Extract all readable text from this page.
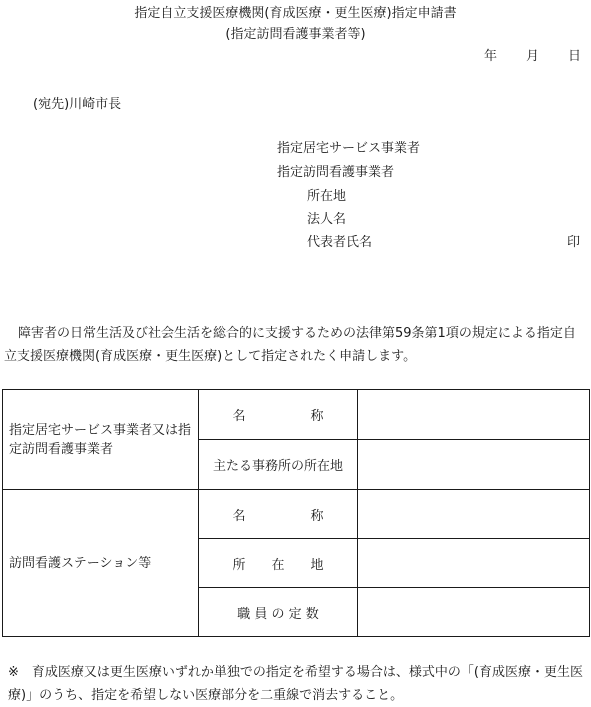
指定自立支援医療機関(育成医療・更生医療)指定申請書
(指定訪問看護事業者等)
年 月 日
(宛先)川崎市長
指定居宅サービス事業者
指定訪問看護事業者
所在地
法人名
代表者氏名	印
障害者の日常生活及び社会生活を総合的に支援するための法律第59条第1項の規定による指定自立支援医療機関(育成医療・更生医療)として指定されたく申請します。
指定居宅サービス事業者又は指定訪問看護事業者	名　　　　　称	
	主たる事務所の所在地	
訪問看護ステーション等	名　　　　　称	
	所　　在　　地	
	職 員 の 定 数	
※　育成医療又は更生医療いずれか単独での指定を希望する場合は、様式中の「(育成医療・更生医療)」のうち、指定を希望しない医療部分を二重線で消去すること。
